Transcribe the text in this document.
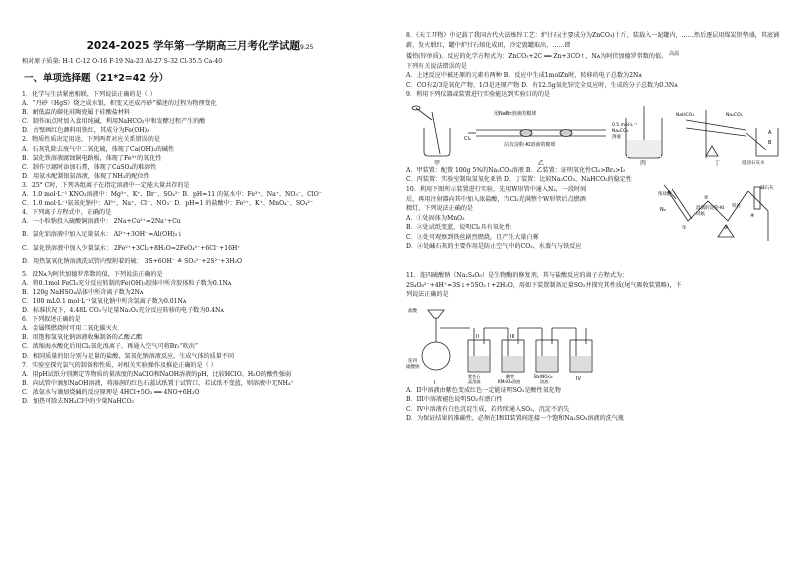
2024-2025 学年第一学期高三月考化学试题9.25
相对原子质量: H-1 C-12 O-16 F-19 Na-23 Al-27 S-32 Cl-35.5 Ca-40
一、单项选择题（21*2=42 分）
1．化学与生活紧密相联，下列说法正确的是（ ）
A．“丹砂（HgS）烧之成水银，积变又还成丹砂”描述的过程为物理变化
B．耐低温的碳化硅陶瓷属于硅酸盐材料
C．制作面点时加入食用纯碱，利用NaHCO₃中和发酵过程产生的酸
D．古壁画红色颜料用铁红，其成分为Fe(OH)₃
2．物质性质决定用途，下列两者对应关系错误的是
A．石灰乳除去废气中二氧化硫，体现了Ca(OH)₂的碱性
B．氯化铁溶液腐蚀铜电路板，体现了Fe³⁺的氧化性
C．制作豆腐时添加石膏，体现了CaSO₄的难溶性
D．用氨水配制银氨溶液，体现了NH₃的配位性
3．25° C时，下列各组离子在指定溶液中一定能大量共存的是
A．1.0 mol·L⁻¹ KNO₃溶液中：Mg²⁺、K⁺、Br⁻、SO₄²⁻ B．pH=11 的氨水中：Fe³⁺、Na⁺、NO₃⁻、ClO⁻
C．1.0 mol·L⁻¹氨氧化钠中：Al³⁺、Na⁺、Cl⁻、NO₃⁻ D．pH=1 的盐酸中：Fe²⁺、K⁺、MnO₄⁻、SO₄²⁻
4．下列离子方程式中，正确的是
A．一小粒钠投入硫酸铜溶液中： 2Na+Cu²⁺=2Na⁺+Cu
B．氯化铝溶液中加入足量氨水： Al³⁺+3OH⁻=Al(OH)₃↓
C．氯化铁溶液中加入少量氯水： 2Fe²⁺+3Cl₂+8H₂O=2FeO₄²⁻+6Cl⁻+16H⁺
D．用热氢氧化钠溶液洗试管内壁附着的硫： 3S+6OH⁻ ≜ SO₃²⁻+2S²⁻+3H₂O
5．设Nᴀ为阿伏加德罗常数的值，下列说法正确的是
A．将0.1mol FeCl₃充分反应转制的Fe(OH)₃胶体中所含胶体粒子数为0.1Nᴀ
B．120g NaHSO₄晶体中所含离子数为2Nᴀ
C．100 mL0.1 mol·L⁻¹氢氧化钠中所含氢离子数为0.01Nᴀ
D．标准状况下，4.48L CO₂与足量Na₂O₂充分反应转移的电子数为0.4Nᴀ
6．下列叙述正确的是
A．金属镁燃烧时可用二氧化碳灭火
B．用饱和氢氧化钠溶液收集制备的乙酸乙酯
C．浓缩海水酸化后用Cl₂氧化溴离子，再通入空气可将Br₂“吹出”
D．相同质量的铝分别与足量的盐酸、氢氧化钠溶液反应，生成气体的质量不同
7．实验室探究氯气的制备和性质，对相关实验操作及推论正确的是（ ）
A．用pH试纸分别测定等物质的量浓度的NaClO和NaOH溶液的pH，比较HClO、H₂O的酸性强弱
B．向试管中滴加NaOH溶液，将湿润的红色石蕊试纸置于试管口，若试纸不变蓝，则溶液中无NH₄⁺
C．浓氨水与滴加烧碱的反应原理是 4HCl+5O₂ ══ 4NO+6H₂O
D．加热可除去NH₄Cl中的少量NaHCO₃
8．《天工开物》中记载了我国古代火法炼锌工艺：炉甘石(主要成分为ZnCO₃)十斤，装载入一泥罐内，……然后逐层用煤炭饼垫盛，其底铺薪，发火煅红，罐中炉甘石熔化成团，冷定毁罐取出，……即
倭铅(锌单质)。反应的化学方程式为：ZnCO₃+2C ══ Zn+3CO↑，Nᴀ为阿伏加德罗常数的值。 $^{高温}$
下列有关说法错误的是
A．上述反应中被还原的元素有两种 B．反应中生成1molZn时，转移的电子总数为2Nᴀ
C．CO有2/3是氧化产物、1/3是还原产物 D．有12.5g氧化锌完全反应时，生成的分子总数为0.3Nᴀ
9．利用下列仪器或装置进行实验能达到实验目的的是
用NaBr溶液的棉球
沾有淀粉-KI溶液的棉球
Cl₂
0.5 mol·L⁻¹
Na₂CO₃
溶液
NaHCO₃	Na₂CO₃
A
B
澄清石灰水
甲	乙	丙	丁
A．甲装置：配置 100g 5%的Na₂CO₃溶液 B．乙装置：证明氧化性Cl₂>Br₂>I₂
C．丙装置：实验室制取氢氧化亚铁 D．丁装置：比较Na₂CO₃、NaHCO₃的稳定性
10．利用下图所示装置进行实验，先用W形管中通入N₂，一段时间
后，再用注射器向其中加入浓盐酸，当Cl₂充满整个W形管后点燃酒
精灯，下列说法正确的是
A．①处固体为MnO₂
B．②处试纸变蓝，说明Cl₂具有氧化性
C．③处可观察到铁丝剧烈燃烧，且产生大量白雾
D．④处碱石灰的主要作用是防止空气中的CO₂、水蒸气与铁反应
浓盐酸
湿润的淀粉-KI
试纸
铁丝
碱石灰
①
②
③
④
N₂
11．连四硫酸钠（Na₂S₄O₆）是生物酶的修复剂，其与盐酸反应的离子方程式为：
2S₄O₆²⁻+4H⁺=3S↓+5SO₂↑+2H₂O，用如下装置制备足量SO₂并探究其性质(尾气吸收装置略)，下
列说法正确的是
盐酸
连四
硫酸钠
紫色石
蕊溶液
酸性
KMnO₄溶液
Ba(NO₃)₂
溶液
I
II	III
IV
A．II中溶液由紫色变成红色一定能证明SO₂是酸性氧化物
B．III中溶液褪色说明SO₂有漂白性
C．IV中溶液有白色沉淀生成，若持续通入SO₂，沉淀不消失
D．为保证结果的准确性，必须在I和II装置间连接一个饱和Na₂SO₃溶液的洗气瓶
